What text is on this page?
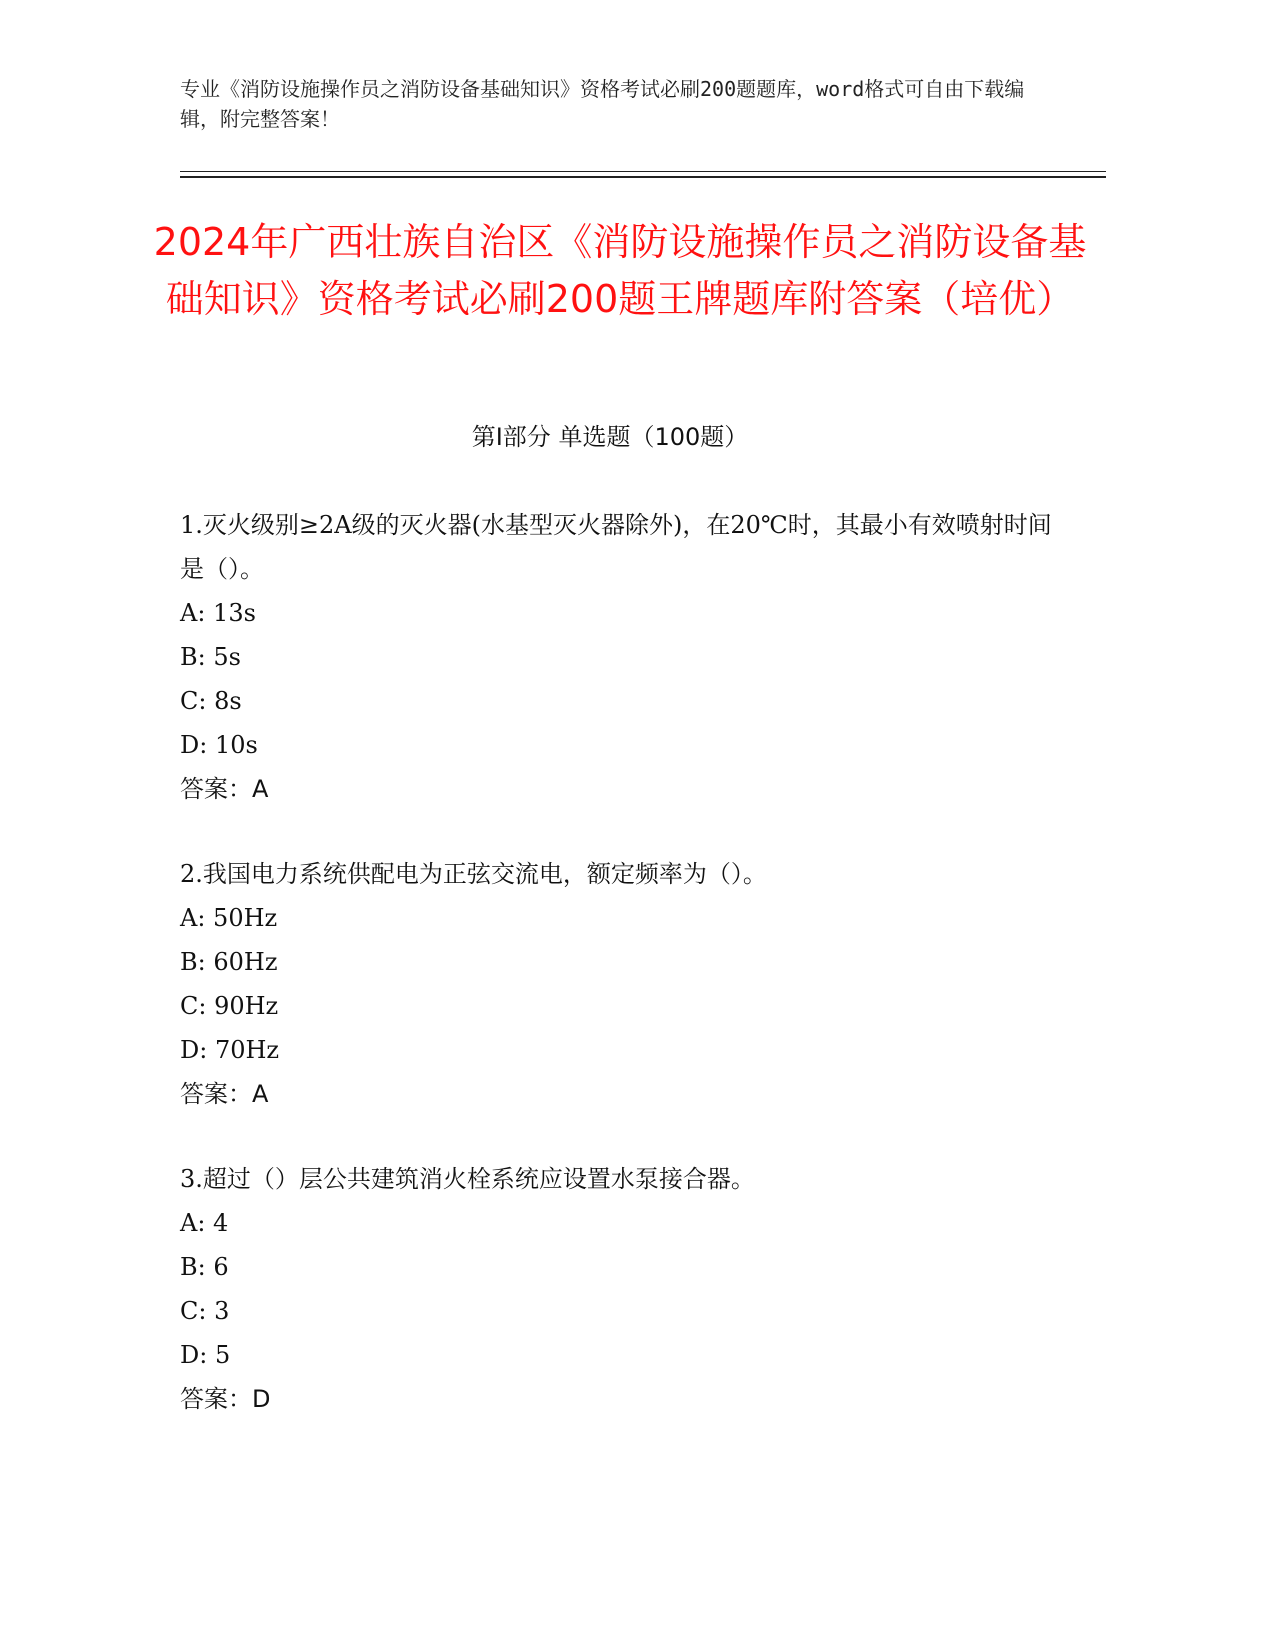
专业《消防设施操作员之消防设备基础知识》资格考试必刷200题题库，word格式可自由下载编辑，附完整答案！

2024年广西壮族自治区《消防设施操作员之消防设备基础知识》资格考试必刷200题王牌题库附答案（培优）
第Ⅰ部分 单选题（100题）

1.灭火级别≥2A级的灭火器(水基型灭火器除外)，在20℃时，其最小有效喷射时间是（）。

A: 13s

B: 5s

C: 8s

D: 10s

答案：A

2.我国电力系统供配电为正弦交流电，额定频率为（）。

A: 50Hz

B: 60Hz

C: 90Hz

D: 70Hz

答案：A

3.超过（）层公共建筑消火栓系统应设置水泵接合器。

A: 4

B: 6

C: 3

D: 5

答案：D
